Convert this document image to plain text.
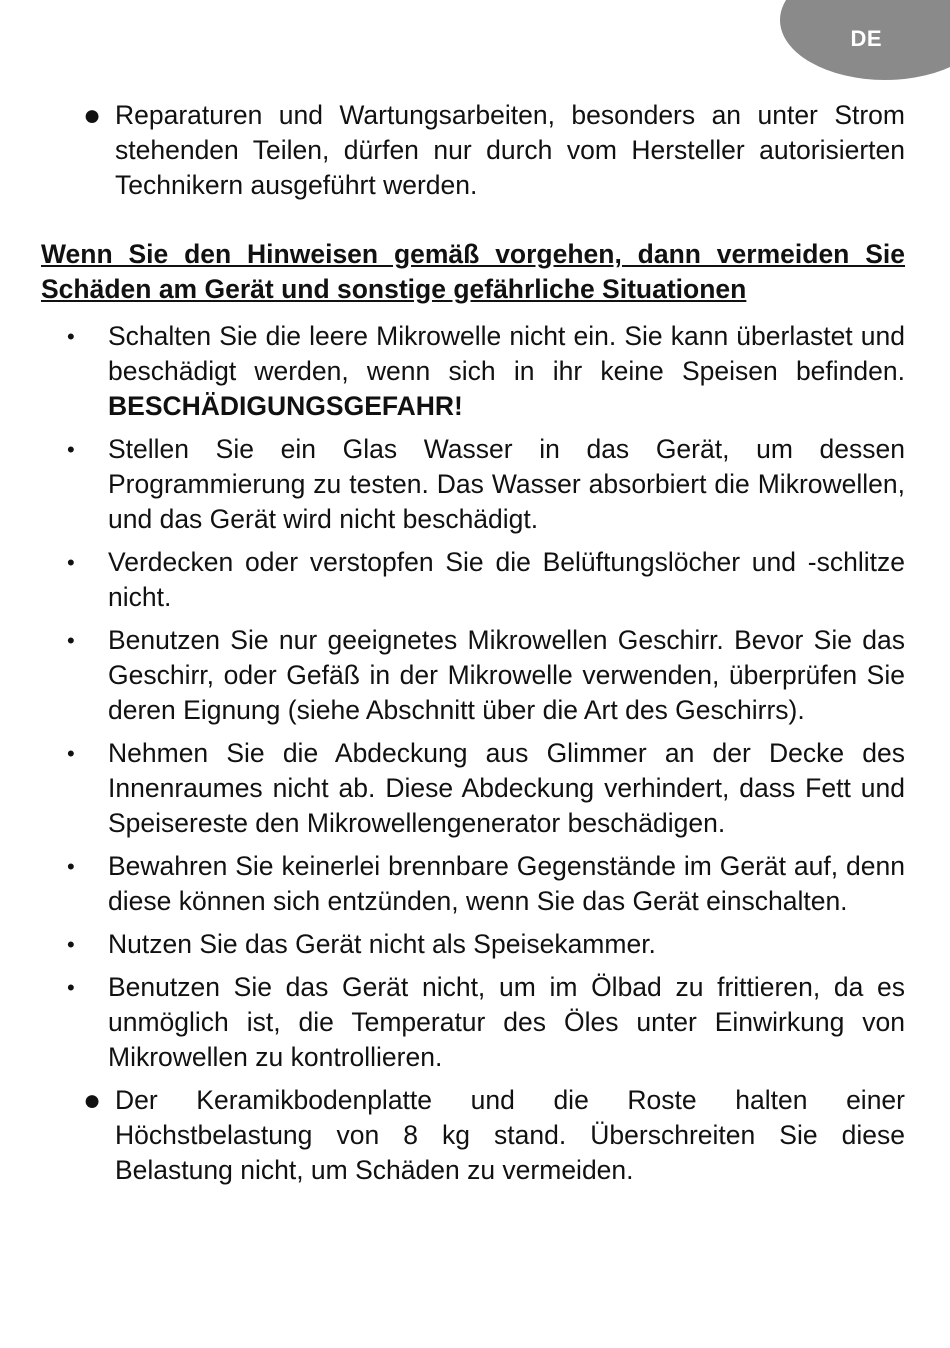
DE

● Reparaturen und Wartungsarbeiten, besonders an unter Strom stehenden Teilen, dürfen nur durch vom Hersteller autorisierten Technikern ausgeführt werden.

Wenn Sie den Hinweisen gemäß vorgehen, dann vermeiden Sie Schäden am Gerät und sonstige gefährliche Situationen

• Schalten Sie die leere Mikrowelle nicht ein. Sie kann überlastet und beschädigt werden, wenn sich in ihr keine Speisen befinden. BESCHÄDIGUNGSGEFAHR!

• Stellen Sie ein Glas Wasser in das Gerät, um dessen Programmierung zu testen. Das Wasser absorbiert die Mikrowellen, und das Gerät wird nicht beschädigt.

• Verdecken oder verstopfen Sie die Belüftungslöcher und -schlitze nicht.

• Benutzen Sie nur geeignetes Mikrowellen Geschirr. Bevor Sie das Geschirr, oder Gefäß in der Mikrowelle verwenden, überprüfen Sie deren Eignung (siehe Abschnitt über die Art des Geschirrs).

• Nehmen Sie die Abdeckung aus Glimmer an der Decke des Innenraumes nicht ab. Diese Abdeckung verhindert, dass Fett und Speisereste den Mikrowellengenerator beschädigen.

• Bewahren Sie keinerlei brennbare Gegenstände im Gerät auf, denn diese können sich entzünden, wenn Sie das Gerät einschalten.

• Nutzen Sie das Gerät nicht als Speisekammer.

• Benutzen Sie das Gerät nicht, um im Ölbad zu frittieren, da es unmöglich ist, die Temperatur des Öles unter Einwirkung von Mikrowellen zu kontrollieren.

● Der Keramikbodenplatte und die Roste halten einer Höchstbelastung von 8 kg stand. Überschreiten Sie diese Belastung nicht, um Schäden zu vermeiden.
